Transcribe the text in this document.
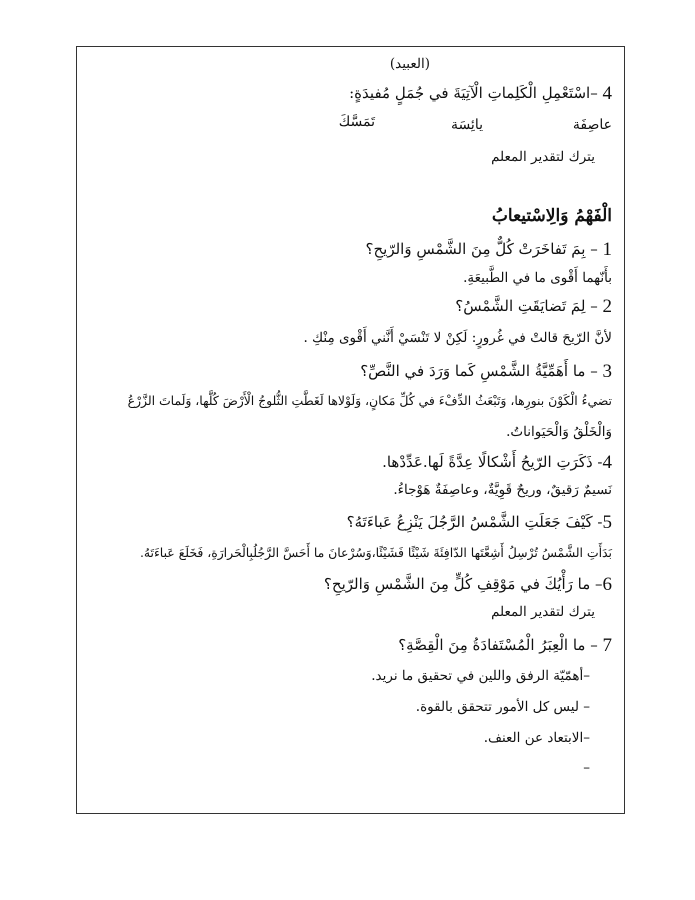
(العبيد)
4 –اسْتَعْمِلِ الْكَلِماتِ الْآتِيَةَ في جُمَلٍ مُفيدَةٍ:
عاصِفَة
يائِسَة
تَمَسَّكَ
يترك لتقدير المعلم
الْفَهْمُ وَالِاسْتيعابُ
1 – بِمَ تَفاخَرَتْ كُلٌّ مِنَ الشَّمْسِ وَالرّيحِ؟
بأَنّهما أَقْوى ما في الطَّبيعَةِ.
2 – لِمَ تَضايَقَتِ الشَّمْسُ؟
لأنَّ الرّيحَ قالتْ في غُرورٍ: لَكِنْ لا تَنْسَيْ أَنَّني أَقْوى مِنْكِ .
3 – ما أَهَمِّيَّةُ الشَّمْسِ كَما وَرَدَ في النَّصِّ؟
تضيءُ الْكَوْنَ بنورِها، وَتَبْعَثُ الدِّفْءَ في كُلِّ مَكانٍ، وَلَوْلاها لَغَطَّتِ الثُّلوجُ الْأَرْضَ كُلَّها، وَلَماتَ الزَّرْعُ
وَالْخَلْقُ وَالْحَيَواناتُ.
4- ذَكَرَتِ الرّيحُ أَشْكالًا عِدَّةً لَها.عَدِّدْها.
نَسيمٌ رَقيقٌ، وريحٌ قَوِيَّةٌ، وعاصِفَةٌ هَوْجاءُ.
5- كَيْفَ جَعَلَتِ الشَّمْسُ الرَّجُلَ يَنْزِعُ عَباءَتَهُ؟
بَدَأَتِ الشَّمْسُ تُرْسِلُ أَشِعَّتَها الدّافِئَةَ شَيْئًا فَشَيْئًا،وَسُرْعانَ ما أَحَسَّ الرَّجُلُبِالْحَرارَةِ، فَخَلَعَ عَباءَتَهُ.
6– ما رَأْيُكَ في مَوْقِفِ كُلٍّ مِنَ الشَّمْسِ وَالرّيحِ؟
يترك لتقدير المعلم
7 – ما الْعِبَرُ الْمُسْتَفادَةُ مِنَ الْقِصَّةِ؟
–أهمّيّة الرفق واللين في تحقيق ما نريد.
– ليس كل الأمور تتحقق بالقوة.
–الابتعاد عن العنف.
–
